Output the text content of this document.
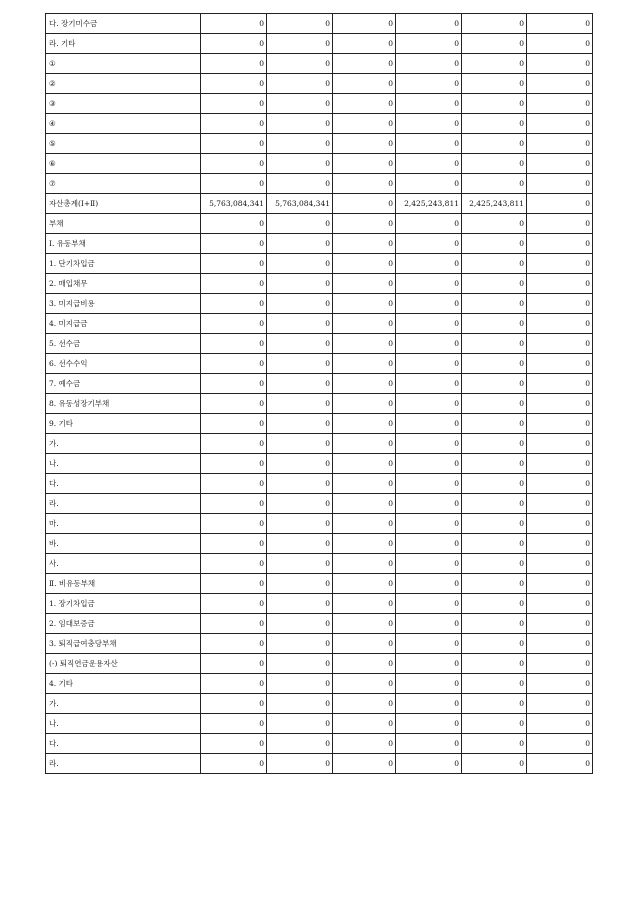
다. 장기미수금	0	0	0	0	0	0
라. 기타	0	0	0	0	0	0
①	0	0	0	0	0	0
②	0	0	0	0	0	0
③	0	0	0	0	0	0
④	0	0	0	0	0	0
⑤	0	0	0	0	0	0
⑥	0	0	0	0	0	0
⑦	0	0	0	0	0	0
자산총계(Ⅰ+Ⅱ)	5,763,084,341	5,763,084,341	0	2,425,243,811	2,425,243,811	0
부채	0	0	0	0	0	0
Ⅰ. 유동부채	0	0	0	0	0	0
1. 단기차입금	0	0	0	0	0	0
2. 매입채무	0	0	0	0	0	0
3. 미지급비용	0	0	0	0	0	0
4. 미지급금	0	0	0	0	0	0
5. 선수금	0	0	0	0	0	0
6. 선수수익	0	0	0	0	0	0
7. 예수금	0	0	0	0	0	0
8. 유동성장기부채	0	0	0	0	0	0
9. 기타	0	0	0	0	0	0
가.	0	0	0	0	0	0
나.	0	0	0	0	0	0
다.	0	0	0	0	0	0
라.	0	0	0	0	0	0
마.	0	0	0	0	0	0
바.	0	0	0	0	0	0
사.	0	0	0	0	0	0
Ⅱ. 비유동부채	0	0	0	0	0	0
1. 장기차입금	0	0	0	0	0	0
2. 임대보증금	0	0	0	0	0	0
3. 퇴직급여충당부채	0	0	0	0	0	0
(-) 퇴직연금운용자산	0	0	0	0	0	0
4. 기타	0	0	0	0	0	0
가.	0	0	0	0	0	0
나.	0	0	0	0	0	0
다.	0	0	0	0	0	0
라.	0	0	0	0	0	0
